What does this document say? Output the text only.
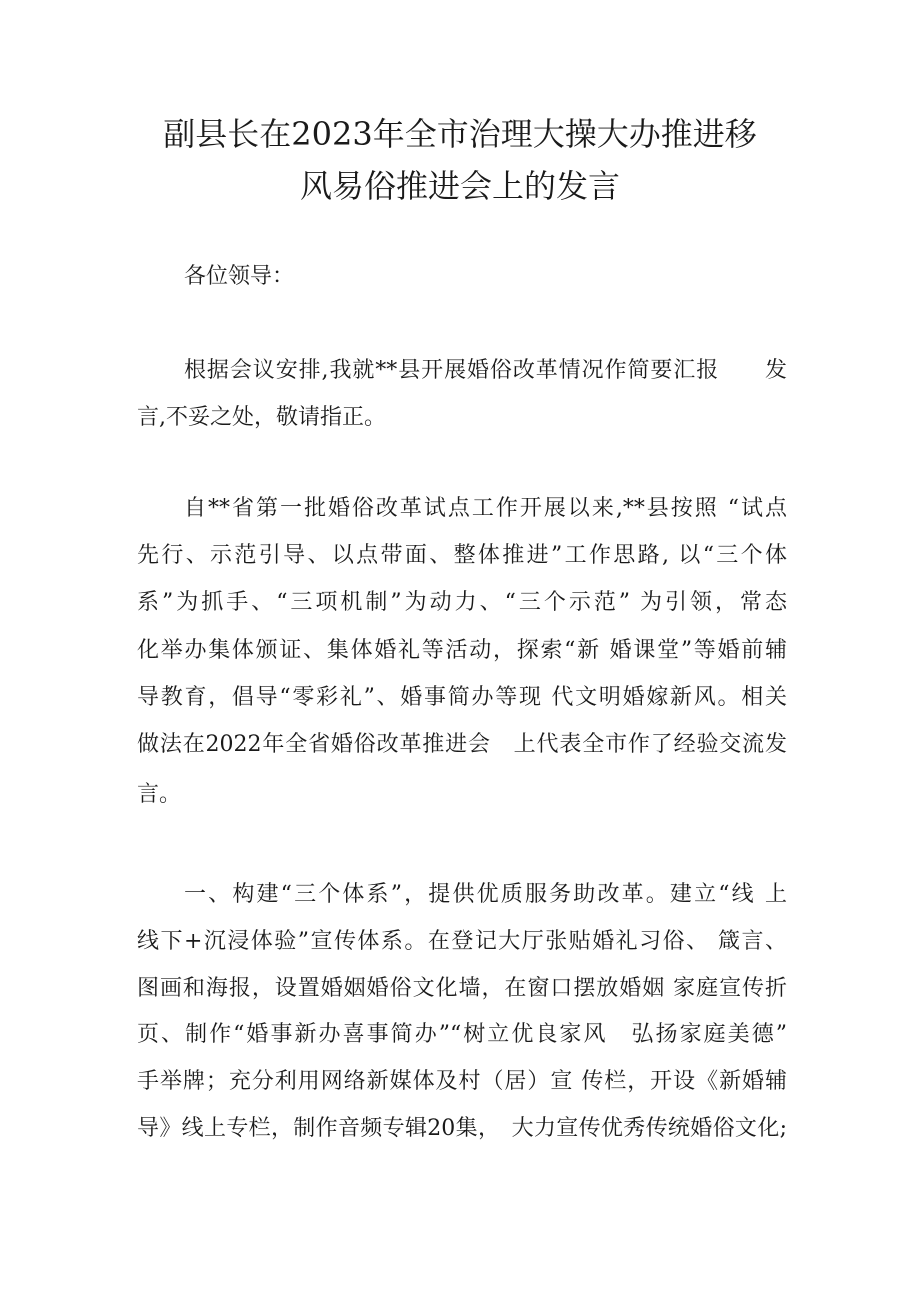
副县长在2023年全市治理大操大办推进移
风易俗推进会上的发言
各位领导：
根据会议安排,我就**县开展婚俗改革情况作简要汇报　　发
言,不妥之处，敬请指正。
自**省第一批婚俗改革试点工作开展以来,**县按照 “试点
先行、示范引导、以点带面、整体推进”工作思路, 以“三个体
系”为抓手、“三项机制”为动力、“三个示范” 为引领，常态
化举办集体颁证、集体婚礼等活动，探索“新 婚课堂”等婚前辅
导教育，倡导“零彩礼”、婚事简办等现 代文明婚嫁新风。相关
做法在2022年全省婚俗改革推进会　上代表全市作了经验交流发
言。
一、构建“三个体系”，提供优质服务助改革。建立“线 上
线下+沉浸体验”宣传体系。在登记大厅张贴婚礼习俗、 箴言、
图画和海报，设置婚姻婚俗文化墙，在窗口摆放婚姻 家庭宣传折
页、制作“婚事新办喜事简办”“树立优良家风　弘扬家庭美德”
手举牌；充分利用网络新媒体及村（居）宣 传栏，开设《新婚辅
导》线上专栏，制作音频专辑20集，　大力宣传优秀传统婚俗文化;
